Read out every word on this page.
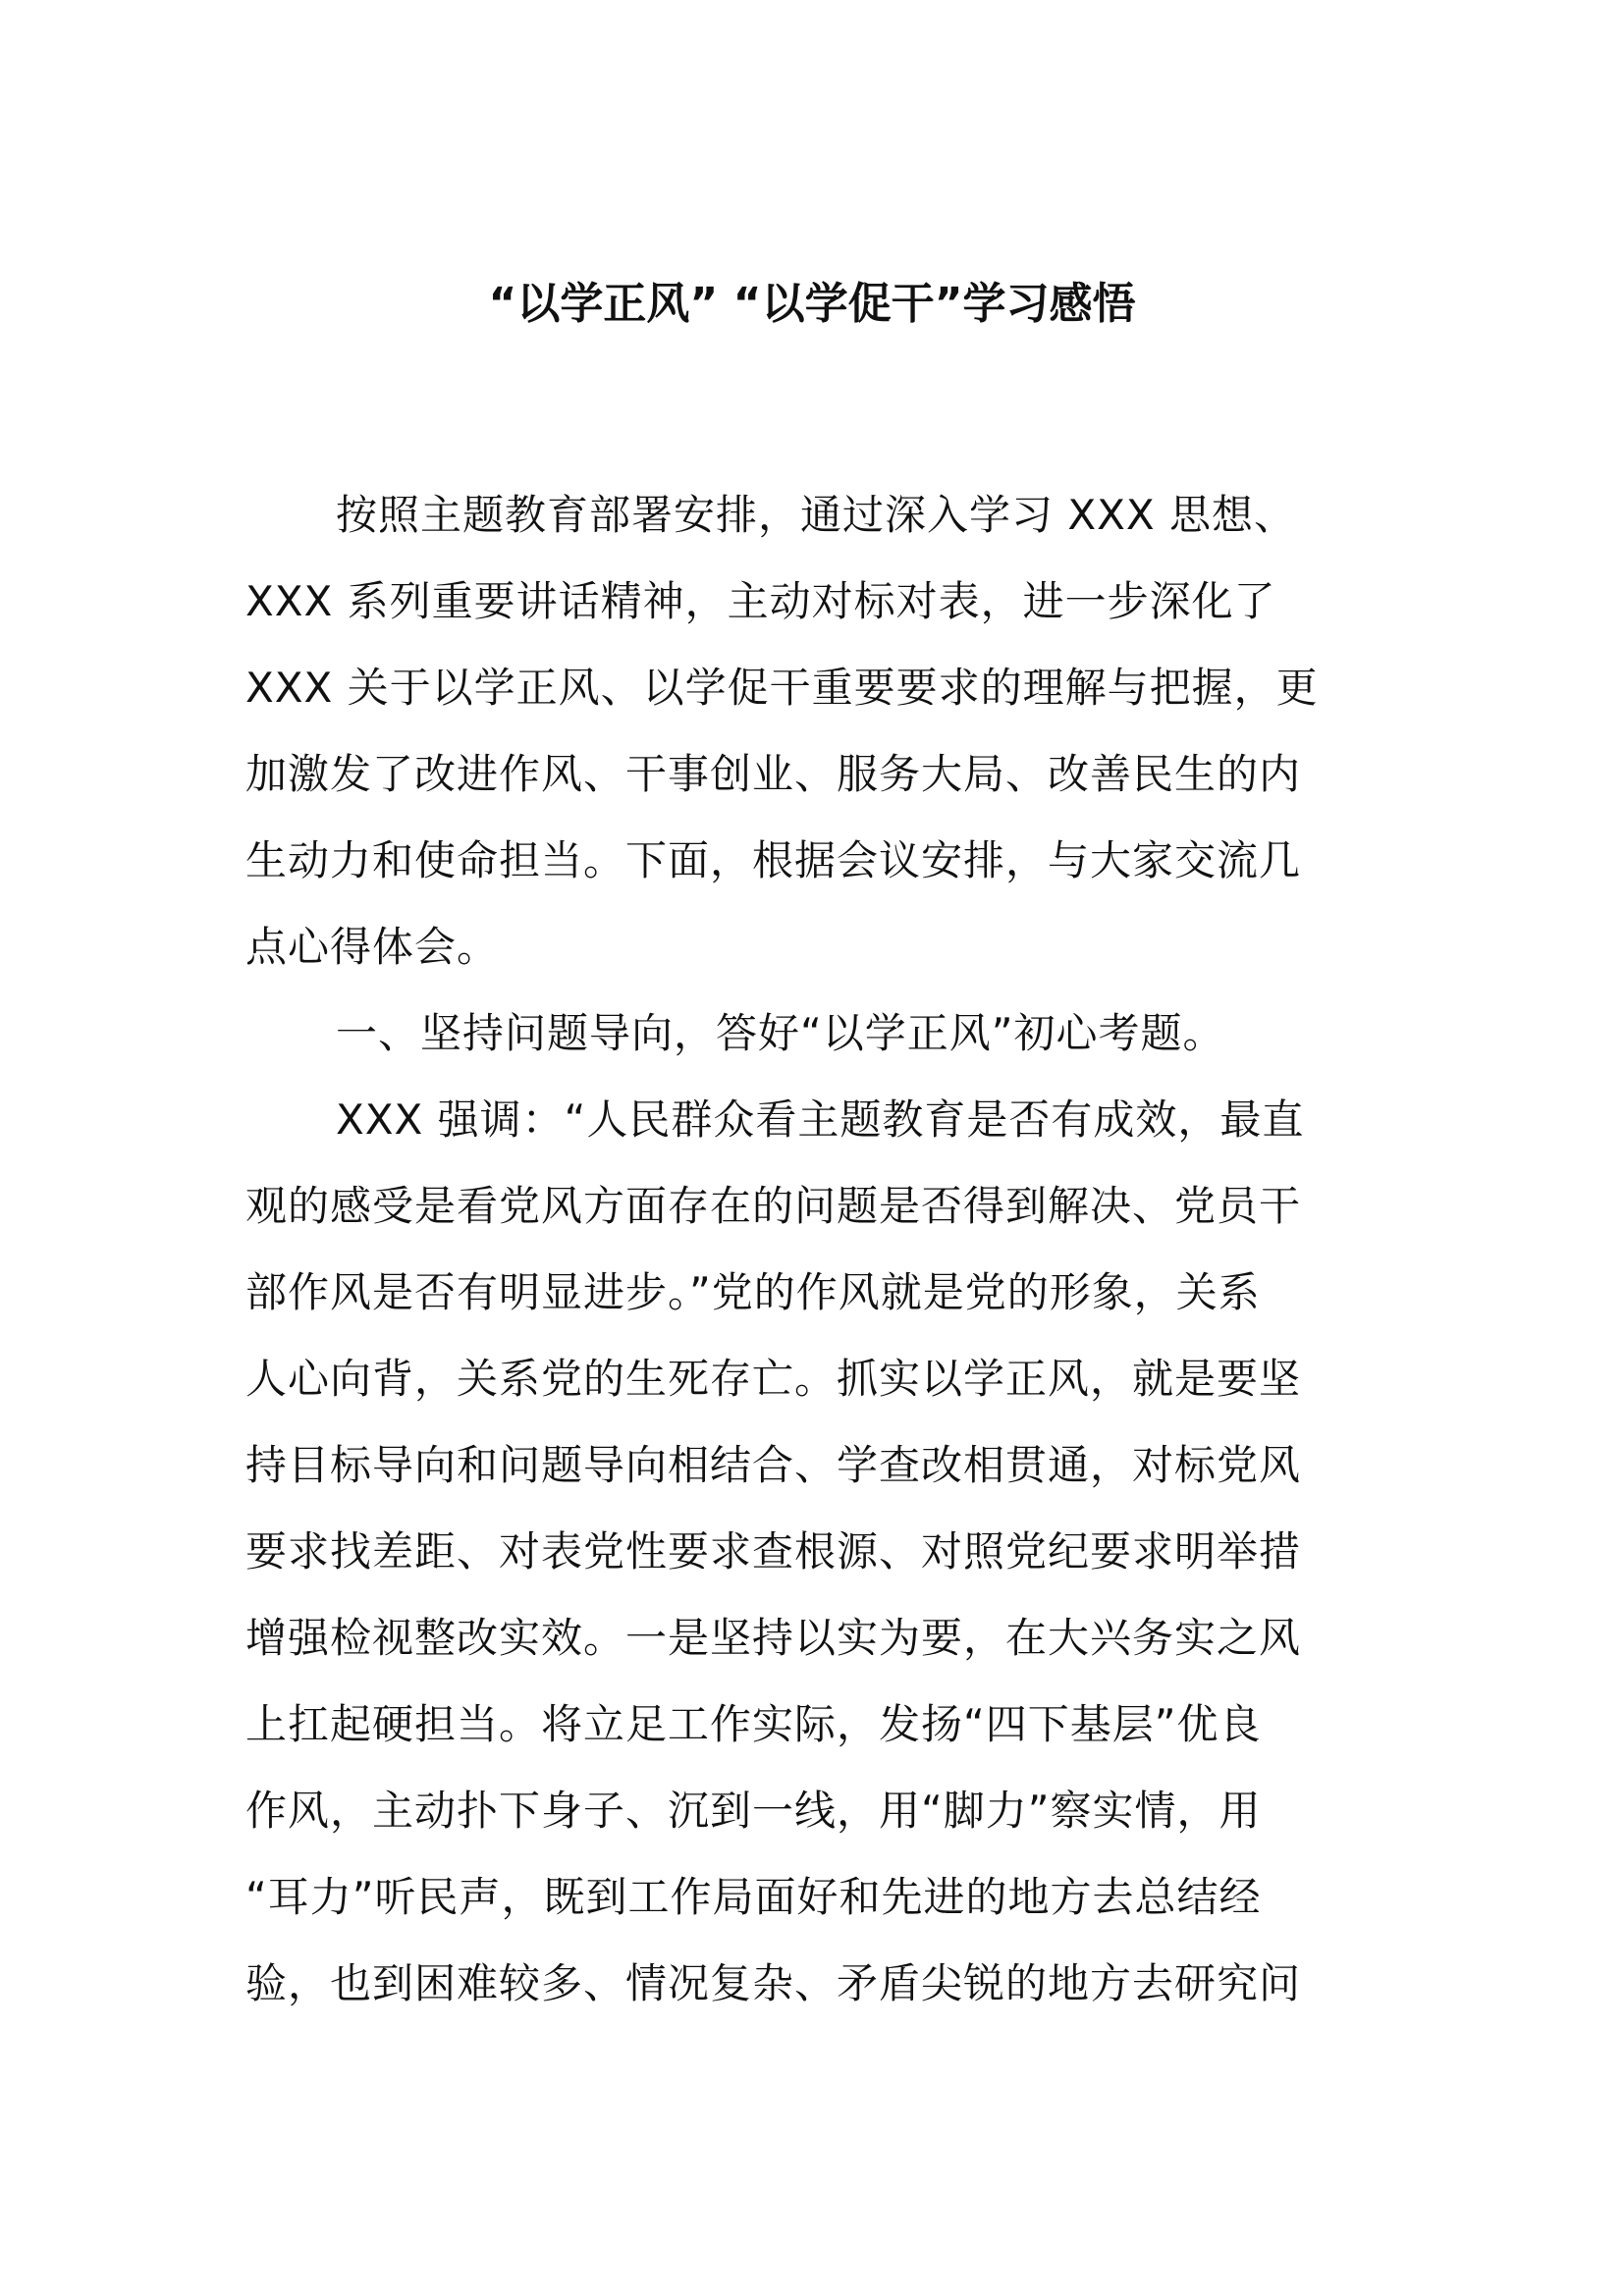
“以学正风” “以学促干”学习感悟
按照主题教育部署安排，通过深入学习 XXX 思想、
XXX 系列重要讲话精神，主动对标对表，进一步深化了
XXX 关于以学正风、以学促干重要要求的理解与把握，更
加激发了改进作风、干事创业、服务大局、改善民生的内
生动力和使命担当。下面，根据会议安排，与大家交流几
点心得体会。
一、坚持问题导向，答好“以学正风”初心考题。
XXX 强调：“人民群众看主题教育是否有成效，最直
观的感受是看党风方面存在的问题是否得到解决、党员干
部作风是否有明显进步。”党的作风就是党的形象，关系
人心向背，关系党的生死存亡。抓实以学正风，就是要坚
持目标导向和问题导向相结合、学查改相贯通，对标党风
要求找差距、对表党性要求查根源、对照党纪要求明举措
增强检视整改实效。一是坚持以实为要，在大兴务实之风
上扛起硬担当。将立足工作实际，发扬“四下基层”优良
作风，主动扑下身子、沉到一线，用“脚力”察实情，用
“耳力”听民声，既到工作局面好和先进的地方去总结经
验，也到困难较多、情况复杂、矛盾尖锐的地方去研究问
